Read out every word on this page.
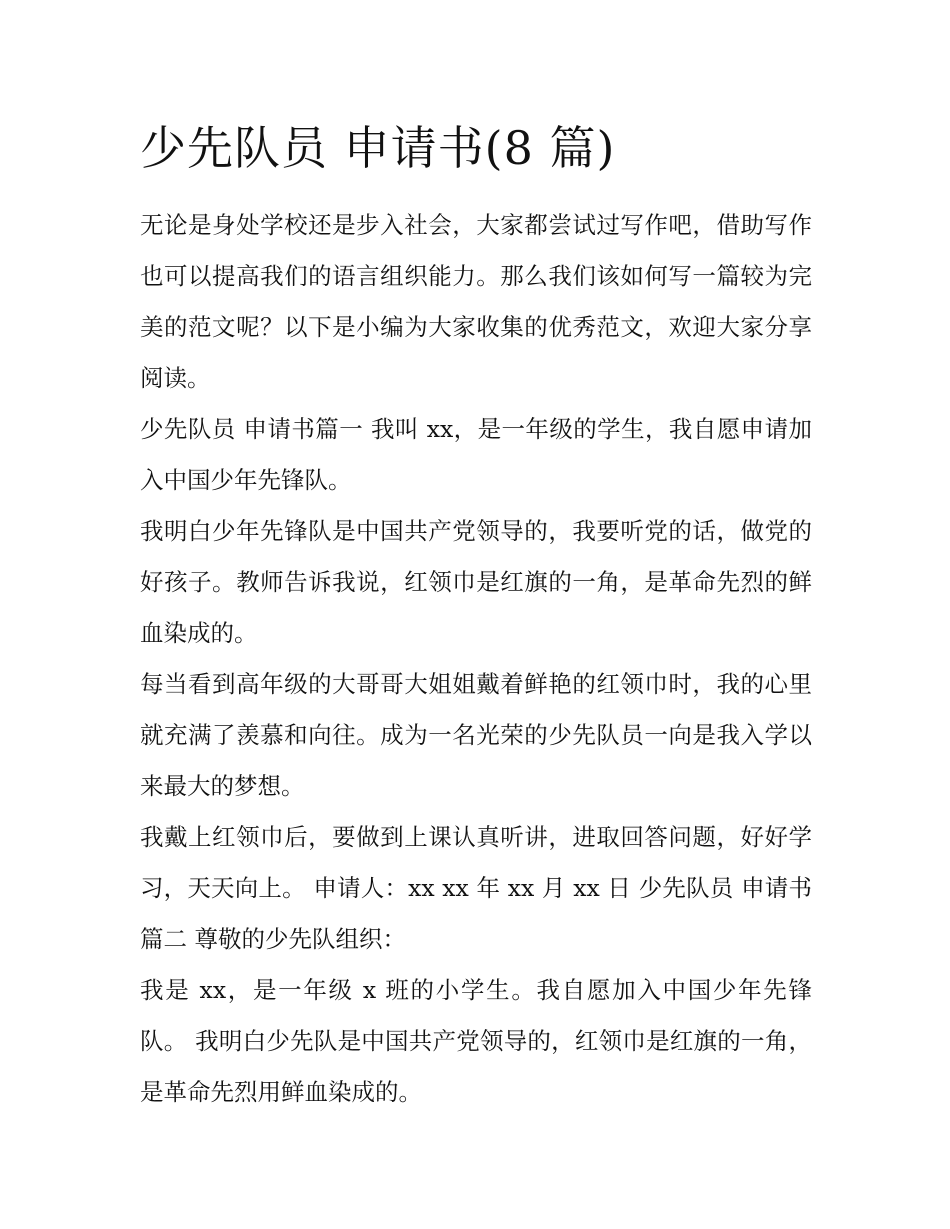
少先队员 申请书(8 篇)

无论是身处学校还是步入社会，大家都尝试过写作吧，借助写作也可以提高我们的语言组织能力。那么我们该如何写一篇较为完美的范文呢？以下是小编为大家收集的优秀范文，欢迎大家分享阅读。

少先队员 申请书篇一 我叫 xx，是一年级的学生，我自愿申请加入中国少年先锋队。

我明白少年先锋队是中国共产党领导的，我要听党的话，做党的好孩子。教师告诉我说，红领巾是红旗的一角，是革命先烈的鲜血染成的。

每当看到高年级的大哥哥大姐姐戴着鲜艳的红领巾时，我的心里就充满了羡慕和向往。成为一名光荣的少先队员一向是我入学以来最大的梦想。

我戴上红领巾后，要做到上课认真听讲，进取回答问题，好好学习，天天向上。 申请人：xx xx 年 xx 月 xx 日 少先队员 申请书篇二 尊敬的少先队组织：

我是 xx，是一年级 x 班的小学生。我自愿加入中国少年先锋队。 我明白少先队是中国共产党领导的，红领巾是红旗的一角，是革命先烈用鲜血染成的。
